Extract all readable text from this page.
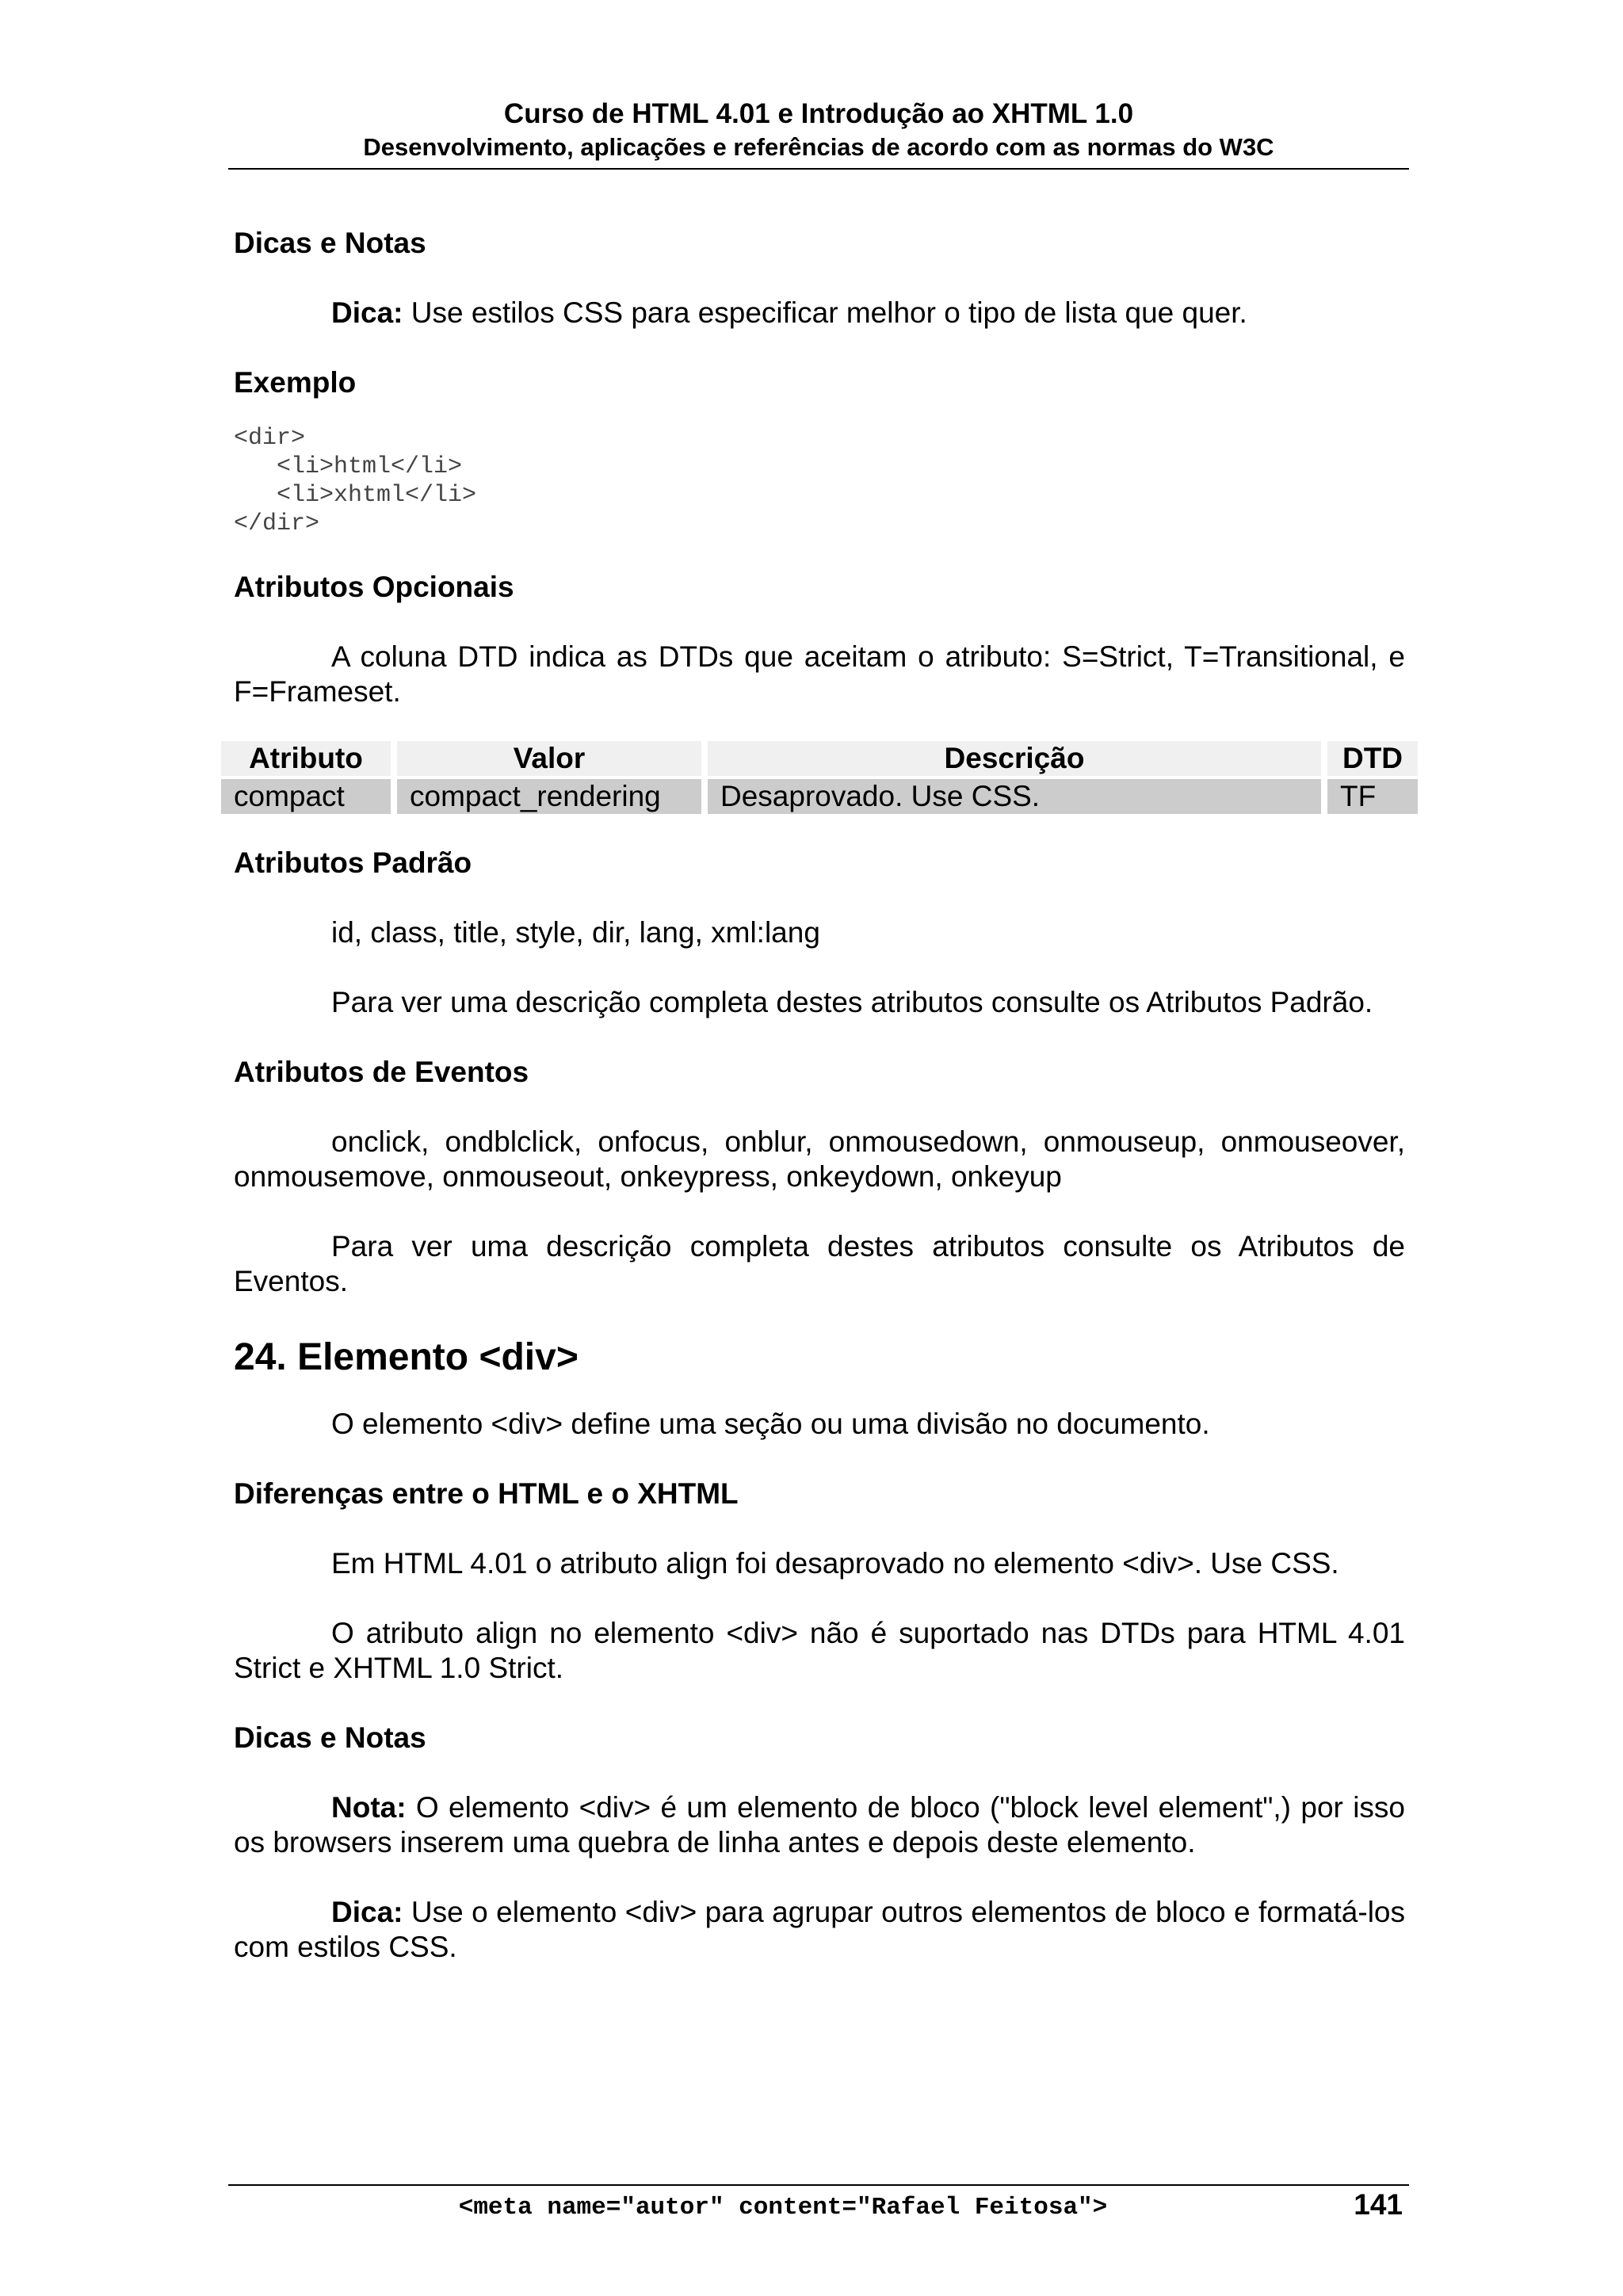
Curso de HTML 4.01 e Introdução ao XHTML 1.0
Desenvolvimento, aplicações e referências de acordo com as normas do W3C
Dicas e Notas
Dica: Use estilos CSS para especificar melhor o tipo de lista que quer.
Exemplo
<dir>
<li>html</li>
<li>xhtml</li>
</dir>
Atributos Opcionais
A coluna DTD indica as DTDs que aceitam o atributo: S=Strict, T=Transitional, e F=Frameset.
Atributo	Valor	Descrição	DTD
compact	compact_rendering	Desaprovado. Use CSS.	TF
Atributos Padrão
id, class, title, style, dir, lang, xml:lang
Para ver uma descrição completa destes atributos consulte os Atributos Padrão.
Atributos de Eventos
onclick, ondblclick, onfocus, onblur, onmousedown, onmouseup, onmouseover, onmousemove, onmouseout, onkeypress, onkeydown, onkeyup
Para ver uma descrição completa destes atributos consulte os Atributos de Eventos.
24. Elemento <div>
O elemento <div> define uma seção ou uma divisão no documento.
Diferenças entre o HTML e o XHTML
Em HTML 4.01 o atributo align foi desaprovado no elemento <div>. Use CSS.
O atributo align no elemento <div> não é suportado nas DTDs para HTML 4.01 Strict e XHTML 1.0 Strict.
Dicas e Notas
Nota: O elemento <div> é um elemento de bloco ("block level element",) por isso os browsers inserem uma quebra de linha antes e depois deste elemento.
Dica: Use o elemento <div> para agrupar outros elementos de bloco e formatá-los com estilos CSS.
<meta name="autor" content="Rafael Feitosa">	141
